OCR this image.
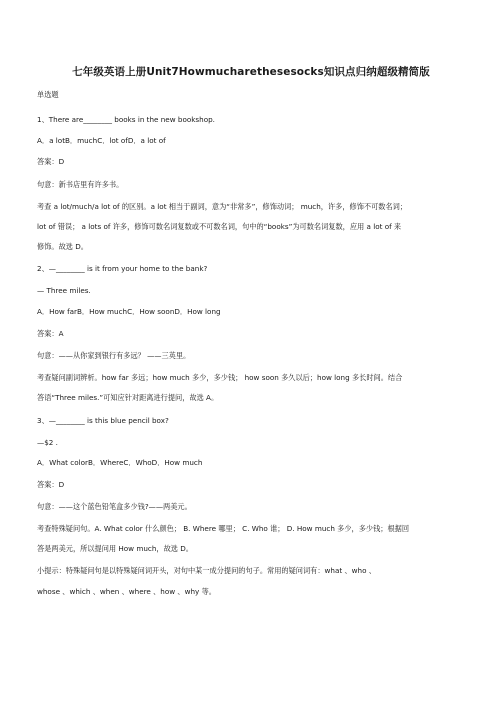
七年级英语上册Unit7Howmucharethesesocks知识点归纳超级精简版
单选题
1、There are________ books in the new bookshop.
A．a lotB．muchC．lot ofD．a lot of
答案：D
句意：新书店里有许多书。
考查 a lot/much/a lot of 的区别。a lot 相当于副词，意为“非常多”，修饰动词； much，许多，修饰不可数名词；
lot of 错误； a lots of 许多，修饰可数名词复数或不可数名词，句中的“books”为可数名词复数，应用 a lot of 来
修饰。故选 D。
2、—________ is it from your home to the bank?
— Three miles.
A．How farB．How muchC．How soonD．How long
答案：A
句意：——从你家到银行有多远？ ——三英里。
考查疑问副词辨析。how far 多远；how much 多少，多少钱； how soon 多久以后；how long 多长时间。结合
答语“Three miles.”可知应针对距离进行提问，故选 A。
3、—________ is this blue pencil box?
—$2 .
A．What colorB．WhereC．WhoD．How much
答案：D
句意：——这个蓝色铅笔盒多少钱?——两美元。
考查特殊疑问句。A. What color 什么颜色； B. Where 哪里； C. Who 谁； D. How much 多少，多少钱；根据回
答是两美元，所以提问用 How much，故选 D。
小提示：特殊疑问句是以特殊疑问词开头，对句中某一成分提问的句子。常用的疑问词有：what 、who 、
whose 、which 、when 、where 、how 、why 等。
